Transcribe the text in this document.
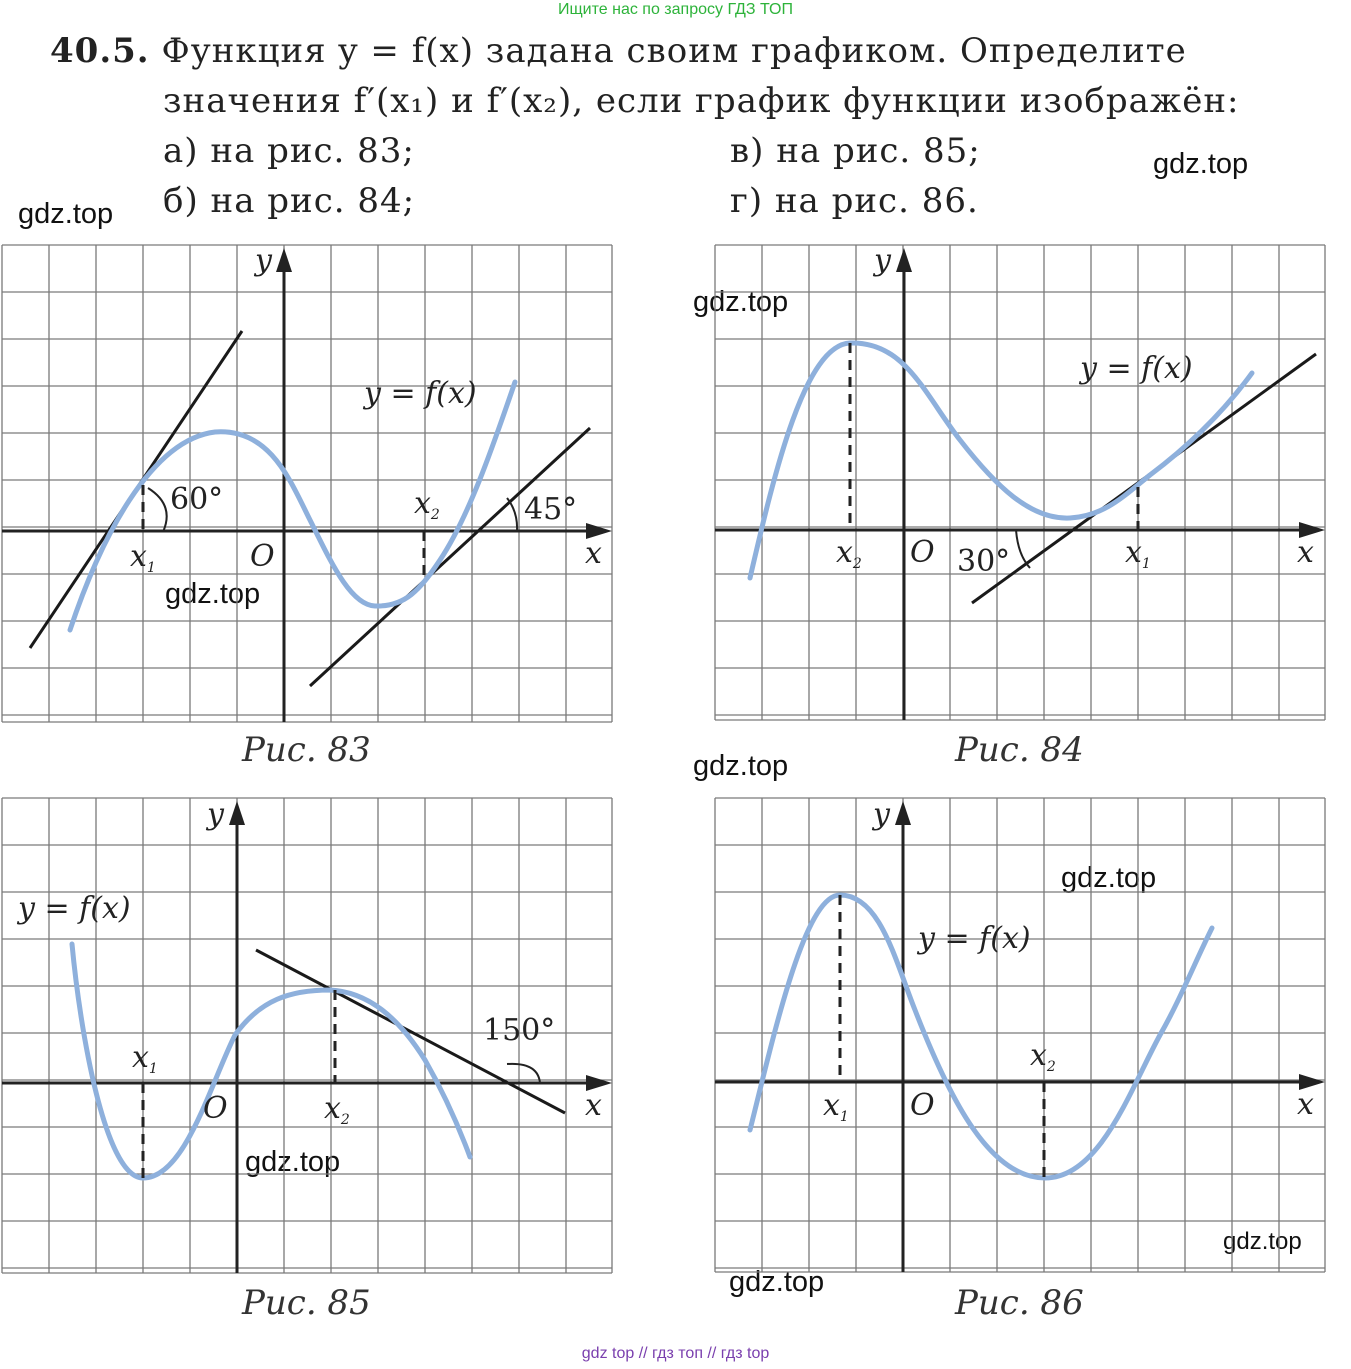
Ищите нас по запросу ГДЗ ТОП
40.5. Функция y = f(x) задана своим графиком. Определите
значения f′(x₁) и f′(x₂), если график функции изображён:
а) на рис. 83;
б) на рис. 84;
в) на рис. 85;
г) на рис. 86.
gdz.top
gdz.top
gdz.top
gdz.top
gdz.top
gdz.top
gdz.top
gdz.top
gdz.top
60°	45°
y = f(x)
y
x
O
$x_1$
$x_2$
Рис. 83
30°
y = f(x)
y
x
O
$x_2$	$x_1$
Рис. 84
150°
y = f(x)
y
x
O
$x_1$
$x_2$
Рис. 85
y = f(x)
y
x
O
$x_1$
$x_2$
Рис. 86
gdz top // гдз топ // гдз top
